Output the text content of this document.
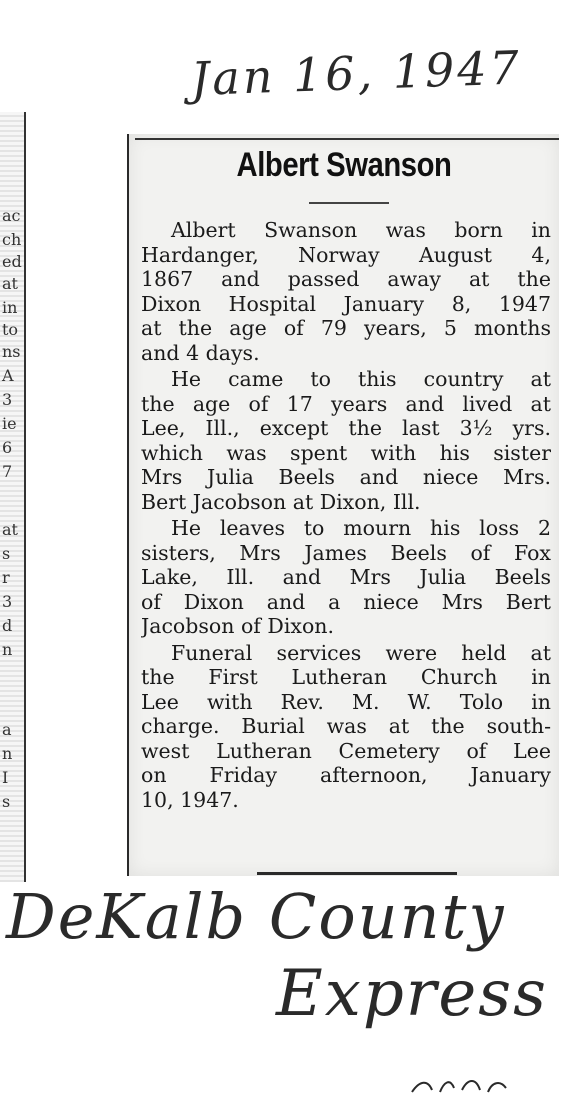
Jan 16, 1947
ac
ch
ed
at
in
to
ns
A
3
ie
6
7
at
s
r
3
d
n
a
n
I
s
Albert Swanson
Albert Swanson was born in
Hardanger, Norway August 4,
1867 and passed away at the
Dixon Hospital January 8, 1947
at the age of 79 years, 5 months
and 4 days.
He came to this country at
the age of 17 years and lived at
Lee, Ill., except the last 3½ yrs.
which was spent with his sister
Mrs Julia Beels and niece Mrs.
Bert Jacobson at Dixon, Ill.
He leaves to mourn his loss 2
sisters, Mrs James Beels of Fox
Lake, Ill. and Mrs Julia Beels
of Dixon and a niece Mrs Bert
Jacobson of Dixon.
Funeral services were held at
the First Lutheran Church in
Lee with Rev. M. W. Tolo in
charge. Burial was at the south-
west Lutheran Cemetery of Lee
on Friday afternoon, January
10, 1947.
DeKalb County
Express
